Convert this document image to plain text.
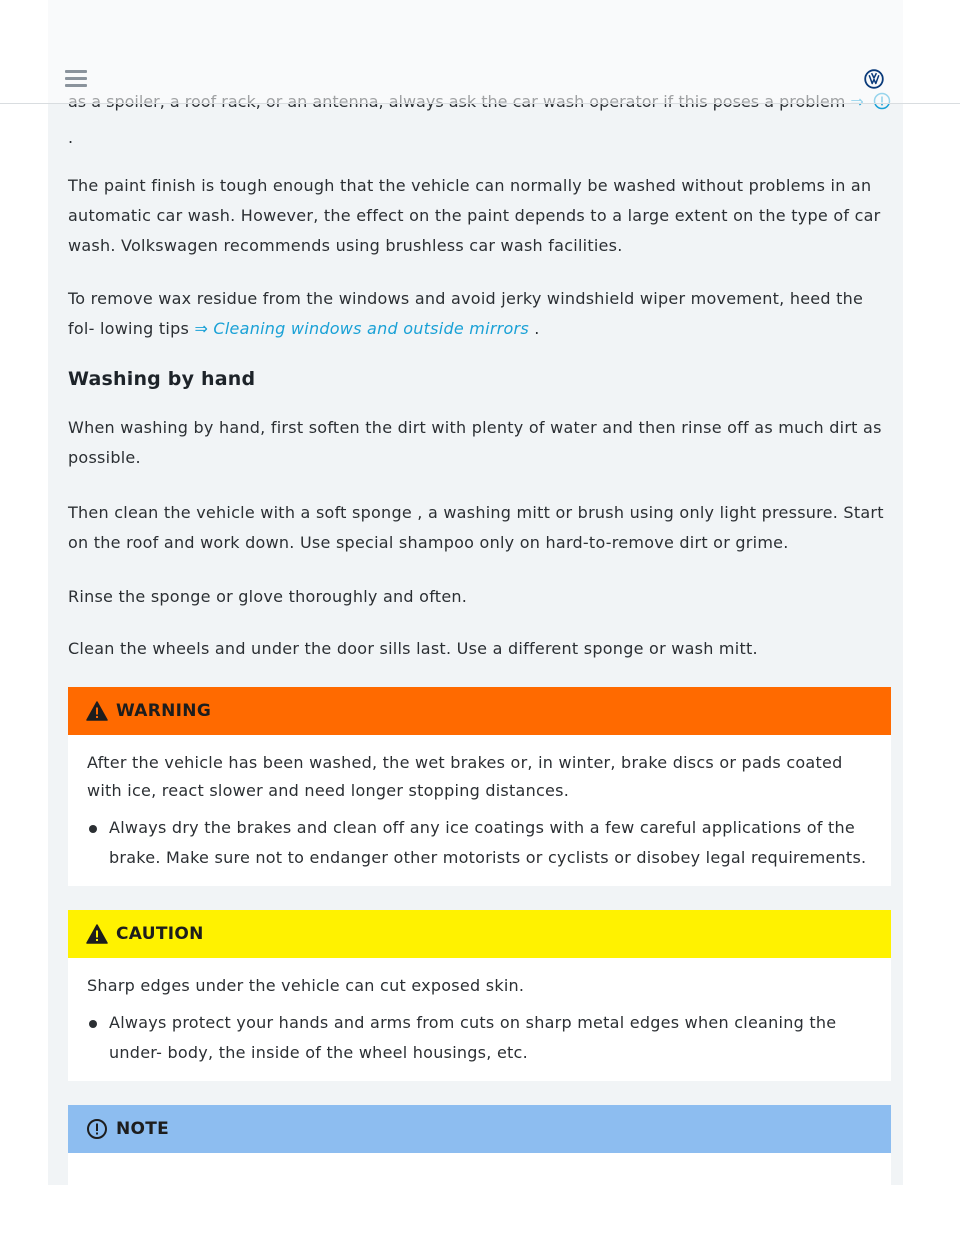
.

The paint finish is tough enough that the vehicle can normally be washed without problems in an automatic car wash. However, the effect on the paint depends to a large extent on the type of car wash. Volkswagen recommends using brushless car wash facilities.

To remove wax residue from the windows and avoid jerky windshield wiper movement, heed the fol- lowing tips ⇒ Cleaning windows and outside mirrors .

Washing by hand

When washing by hand, first soften the dirt with plenty of water and then rinse off as much dirt as possible.

Then clean the vehicle with a soft sponge , a washing mitt or brush using only light pressure. Start on the roof and work down. Use special shampoo only on hard-to-remove dirt or grime.

Rinse the sponge or glove thoroughly and often.

Clean the wheels and under the door sills last. Use a different sponge or wash mitt.

WARNING

After the vehicle has been washed, the wet brakes or, in winter, brake discs or pads coated with ice, react slower and need longer stopping distances.

Always dry the brakes and clean off any ice coatings with a few careful applications of the brake. Make sure not to endanger other motorists or cyclists or disobey legal requirements.
CAUTION

Sharp edges under the vehicle can cut exposed skin.

Always protect your hands and arms from cuts on sharp metal edges when cleaning the under- body, the inside of the wheel housings, etc.
NOTE
